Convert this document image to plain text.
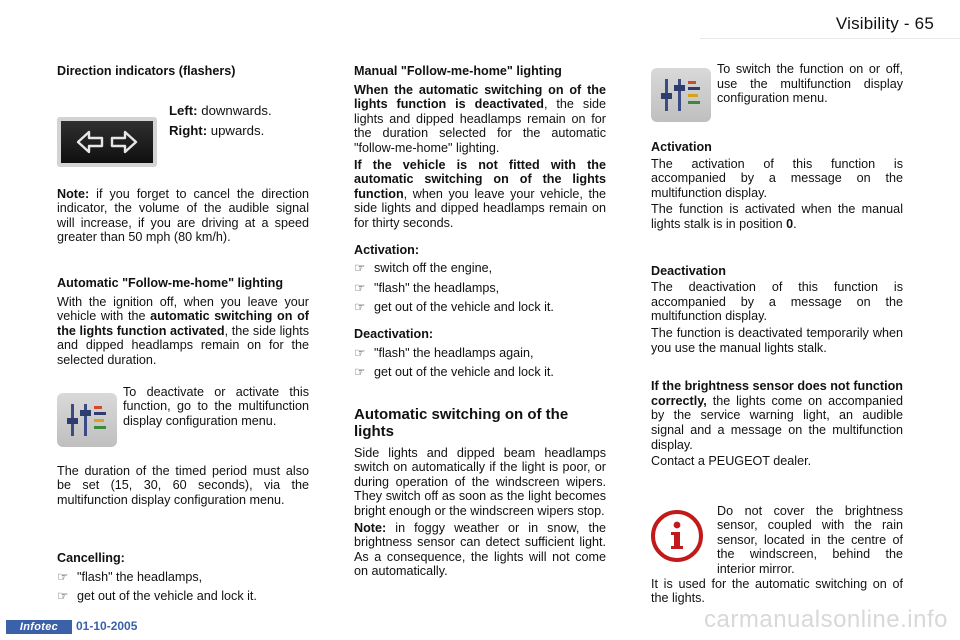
Visibility - 65

Direction indicators (flashers)

Left: downwards.

Right: upwards.

Note: if you forget to cancel the direction indicator, the volume of the audible signal will increase, if you are driving at a speed greater than 50 mph (80 km/h).

Automatic "Follow-me-home" lighting

With the ignition off, when you leave your vehicle with the automatic switching on of the lights function activated, the side lights and dipped headlamps remain on for the selected duration.

To deactivate or activate this function, go to the multifunction display configuration menu.

The duration of the timed period must also be set (15, 30, 60 seconds), via the multifunction display configuration menu.

Cancelling:

☞ "flash" the headlamps,
☞ get out of the vehicle and lock it.

Manual "Follow-me-home" lighting

When the automatic switching on of the lights function is deactivated, the side lights and dipped headlamps remain on for the duration selected for the automatic "follow-me-home" lighting.

If the vehicle is not fitted with the automatic switching on of the lights function, when you leave your vehicle, the side lights and dipped headlamps remain on for thirty seconds.

Activation:

☞ switch off the engine,
☞ "flash" the headlamps,
☞ get out of the vehicle and lock it.

Deactivation:

☞ "flash" the headlamps again,
☞ get out of the vehicle and lock it.

Automatic switching on of the lights

Side lights and dipped beam headlamps switch on automatically if the light is poor, or during operation of the windscreen wipers. They switch off as soon as the light becomes bright enough or the windscreen wipers stop.

Note: in foggy weather or in snow, the brightness sensor can detect sufficient light. As a consequence, the lights will not come on automatically.

To switch the function on or off, use the multifunction display configuration menu.

Activation

The activation of this function is accompanied by a message on the multifunction display.

The function is activated when the manual lights stalk is in position 0.

Deactivation

The deactivation of this function is accompanied by a message on the multifunction display.

The function is deactivated temporarily when you use the manual lights stalk.

If the brightness sensor does not function correctly, the lights come on accompanied by the service warning light, an audible signal and a message on the multifunction display.

Contact a PEUGEOT dealer.

Do not cover the brightness sensor, coupled with the rain sensor, located in the centre of the windscreen, behind the interior mirror.

It is used for the automatic switching on of the lights.

Infotec	01-10-2005	carmanualsonline.info
